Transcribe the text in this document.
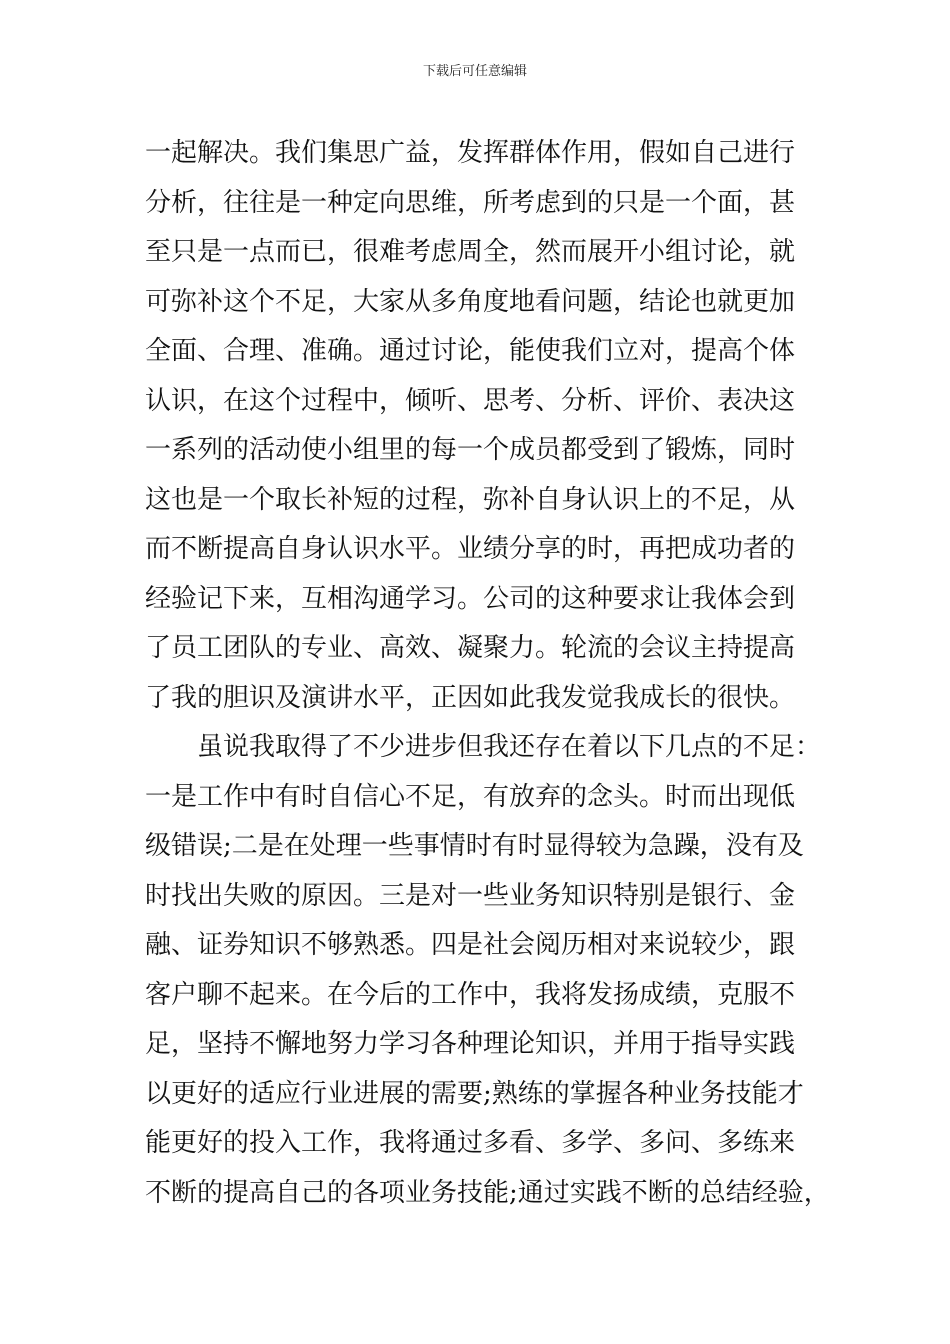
下载后可任意编辑
一起解决。我们集思广益，发挥群体作用，假如自己进行
分析，往往是一种定向思维，所考虑到的只是一个面，甚
至只是一点而已，很难考虑周全，然而展开小组讨论，就
可弥补这个不足，大家从多角度地看问题，结论也就更加
全面、合理、准确。通过讨论，能使我们立对，提高个体
认识，在这个过程中，倾听、思考、分析、评价、表决这
一系列的活动使小组里的每一个成员都受到了锻炼，同时
这也是一个取长补短的过程，弥补自身认识上的不足，从
而不断提高自身认识水平。业绩分享的时，再把成功者的
经验记下来，互相沟通学习。公司的这种要求让我体会到
了员工团队的专业、高效、凝聚力。轮流的会议主持提高
了我的胆识及演讲水平，正因如此我发觉我成长的很快。
虽说我取得了不少进步但我还存在着以下几点的不足：
一是工作中有时自信心不足，有放弃的念头。时而出现低
级错误;二是在处理一些事情时有时显得较为急躁，没有及
时找出失败的原因。三是对一些业务知识特别是银行、金
融、证券知识不够熟悉。四是社会阅历相对来说较少，跟
客户聊不起来。在今后的工作中，我将发扬成绩，克服不
足，坚持不懈地努力学习各种理论知识，并用于指导实践
以更好的适应行业进展的需要;熟练的掌握各种业务技能才
能更好的投入工作，我将通过多看、多学、多问、多练来
不断的提高自己的各项业务技能;通过实践不断的总结经验，
